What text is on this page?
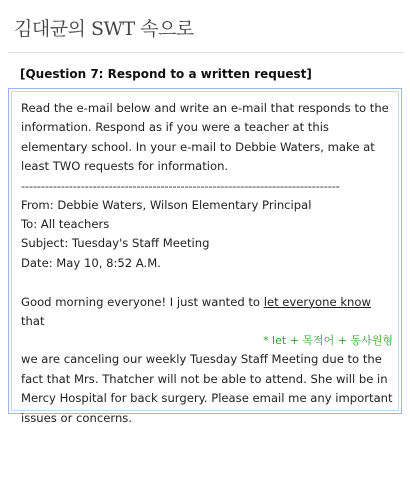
김대균의 SWT 속으로
[Question 7: Respond to a written request]

Read the e-mail below and write an e-mail that responds to the information. Respond as if you were a teacher at this elementary school. In your e-mail to Debbie Waters, make at least TWO requests for information.

--------------------------------------------------------------------------------

From: Debbie Waters, Wilson Elementary Principal

To: All teachers

Subject: Tuesday's Staff Meeting

Date: May 10, 8:52 A.M.

Good morning everyone! I just wanted to let everyone know that

* let + 목적어 + 동사원형

we are canceling our weekly Tuesday Staff Meeting due to the fact that Mrs. Thatcher will not be able to attend. She will be in Mercy Hospital for back surgery. Please email me any important issues or concerns.
